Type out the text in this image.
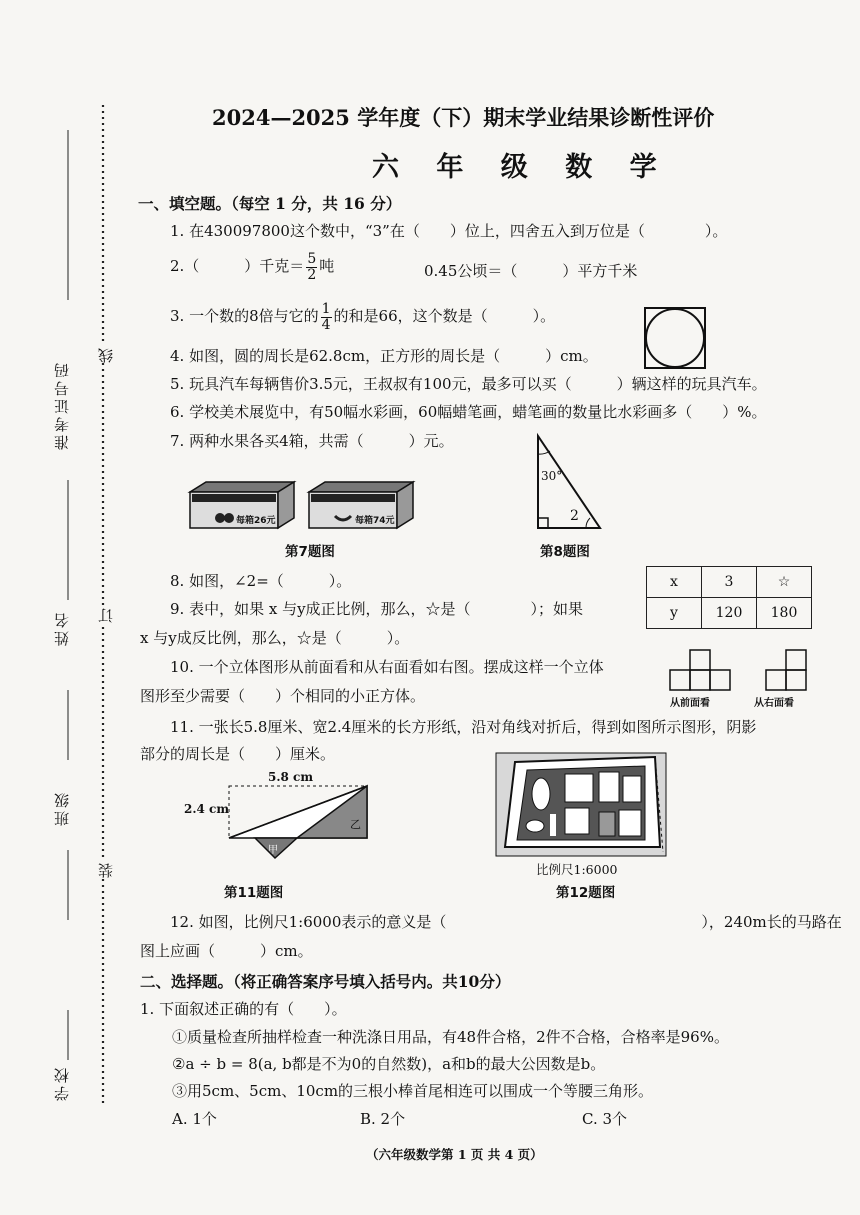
准考证号码
姓名
班级
学校
线
订
装
2024—2025 学年度（下）期末学业结果诊断性评价
六 年 级 数 学
一、填空题。（每空 1 分，共 16 分）
1. 在430097800这个数中，“3”在（　　）位上，四舍五入到万位是（　　　　）。
2.（　　　）千克＝ $\frac{5}{2}$ 吨	0.45公顷＝（　　　）平方千米
3. 一个数的8倍与它的 $\frac{1}{4}$ 的和是66，这个数是（　　　）。
4. 如图，圆的周长是62.8cm，正方形的周长是（　　　）cm。
5. 玩具汽车每辆售价3.5元，王叔叔有100元，最多可以买（　　　）辆这样的玩具汽车。
6. 学校美术展览中，有50幅水彩画，60幅蜡笔画，蜡笔画的数量比水彩画多（　　）%。
7. 两种水果各买4箱，共需（　　　）元。
每箱26元	每箱74元
第7题图
30°
2
第8题图
8. 如图，∠2=（　　　）。	x	3	☆
y	120	180
9. 表中，如果 x 与y成正比例，那么，☆是（　　　　）；如果
x 与y成反比例，那么，☆是（　　　）。
10. 一个立体图形从前面看和从右面看如右图。摆成这样一个立体
图形至少需要（　　）个相同的小正方体。	从前面看	从右面看
11. 一张长5.8厘米、宽2.4厘米的长方形纸，沿对角线对折后，得到如图所示图形，阴影
部分的周长是（　　）厘米。
5.8 cm
2.4 cm
甲
乙
第11题图
比例尺1:6000
第12题图
12. 如图，比例尺1:6000表示的意义是（　　　　　　　　　　　　　　　　　），240m长的马路在
图上应画（　　　）cm。
二、选择题。（将正确答案序号填入括号内。共10分）
1. 下面叙述正确的有（　　）。
①质量检查所抽样检查一种洗涤日用品，有48件合格，2件不合格，合格率是96%。
②a ÷ b = 8(a, b都是不为0的自然数)，a和b的最大公因数是b。
③用5cm、5cm、10cm的三根小棒首尾相连可以围成一个等腰三角形。
A. 1个	B. 2个	C. 3个
（六年级数学第 1 页 共 4 页）
